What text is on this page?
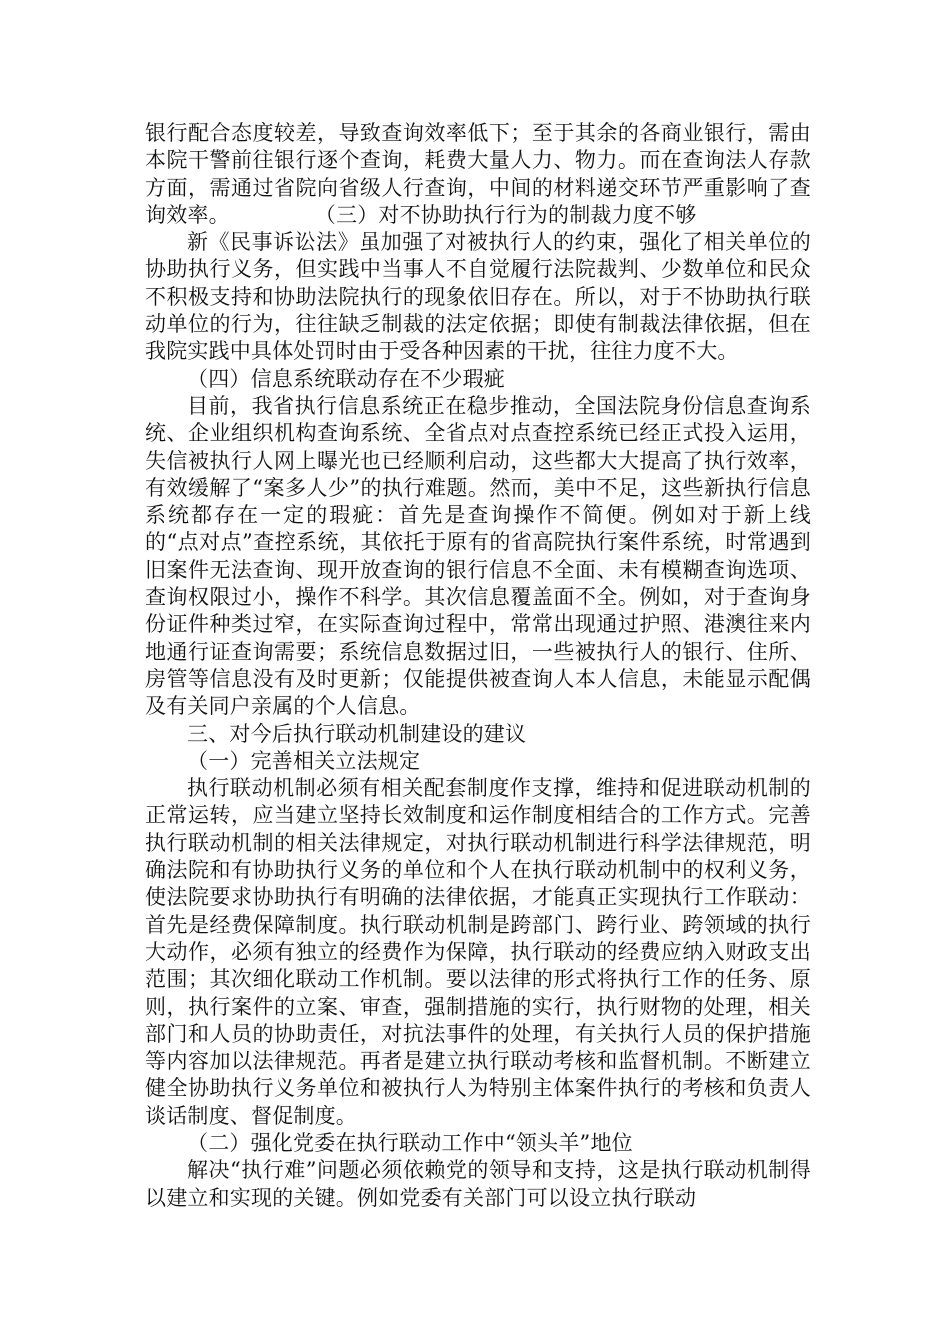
银行配合态度较差，导致查询效率低下；至于其余的各商业银行，需由本院干警前往银行逐个查询，耗费大量人力、物力。而在查询法人存款方面，需通过省院向省级人行查询，中间的材料递交环节严重影响了查询效率。　　　　　（三）对不协助执行行为的制裁力度不够

新《民事诉讼法》虽加强了对被执行人的约束，强化了相关单位的协助执行义务，但实践中当事人不自觉履行法院裁判、少数单位和民众不积极支持和协助法院执行的现象依旧存在。所以，对于不协助执行联动单位的行为，往往缺乏制裁的法定依据；即使有制裁法律依据，但在我院实践中具体处罚时由于受各种因素的干扰，往往力度不大。

（四）信息系统联动存在不少瑕疵

目前，我省执行信息系统正在稳步推动，全国法院身份信息查询系统、企业组织机构查询系统、全省点对点查控系统已经正式投入运用，失信被执行人网上曝光也已经顺利启动，这些都大大提高了执行效率，有效缓解了“案多人少”的执行难题。然而，美中不足，这些新执行信息系统都存在一定的瑕疵：首先是查询操作不简便。例如对于新上线的“点对点”查控系统，其依托于原有的省高院执行案件系统，时常遇到旧案件无法查询、现开放查询的银行信息不全面、未有模糊查询选项、查询权限过小，操作不科学。其次信息覆盖面不全。例如，对于查询身份证件种类过窄，在实际查询过程中，常常出现通过护照、港澳往来内地通行证查询需要；系统信息数据过旧，一些被执行人的银行、住所、房管等信息没有及时更新；仅能提供被查询人本人信息，未能显示配偶及有关同户亲属的个人信息。

三、对今后执行联动机制建设的建议

（一）完善相关立法规定

执行联动机制必须有相关配套制度作支撑，维持和促进联动机制的正常运转，应当建立坚持长效制度和运作制度相结合的工作方式。完善执行联动机制的相关法律规定，对执行联动机制进行科学法律规范，明确法院和有协助执行义务的单位和个人在执行联动机制中的权利义务，使法院要求协助执行有明确的法律依据，才能真正实现执行工作联动：首先是经费保障制度。执行联动机制是跨部门、跨行业、跨领域的执行大动作，必须有独立的经费作为保障，执行联动的经费应纳入财政支出范围；其次细化联动工作机制。要以法律的形式将执行工作的任务、原则，执行案件的立案、审查，强制措施的实行，执行财物的处理，相关部门和人员的协助责任，对抗法事件的处理，有关执行人员的保护措施等内容加以法律规范。再者是建立执行联动考核和监督机制。不断建立健全协助执行义务单位和被执行人为特别主体案件执行的考核和负责人谈话制度、督促制度。

（二）强化党委在执行联动工作中“领头羊”地位

解决“执行难”问题必须依赖党的领导和支持，这是执行联动机制得以建立和实现的关键。例如党委有关部门可以设立执行联动
